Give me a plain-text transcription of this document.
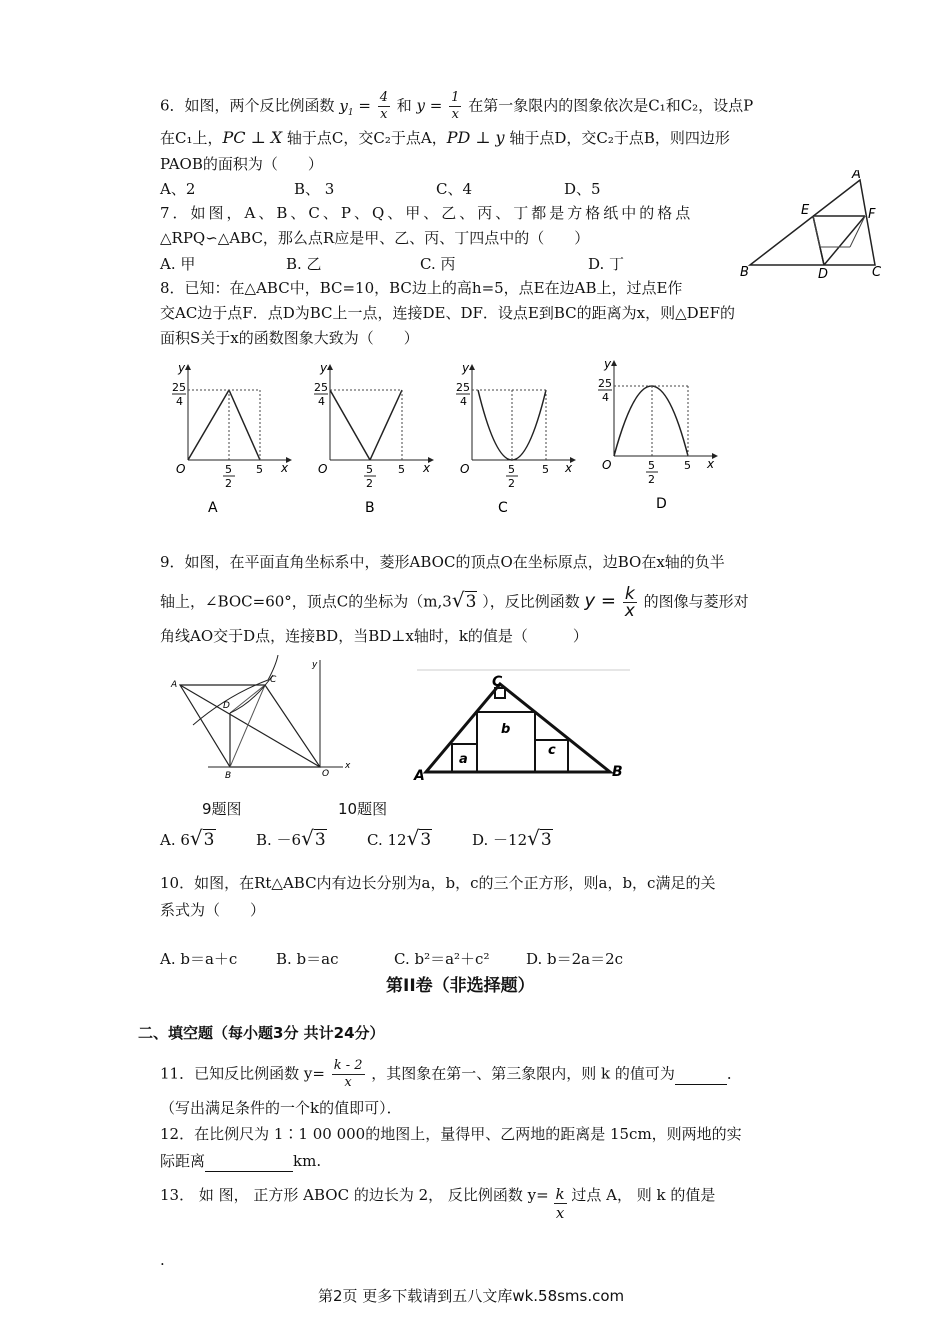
6．如图，两个反比例函数 $y_1 = \frac{4}{x}$ 和 $y = \frac{1}{x}$ 在第一象限内的图象依次是C₁和C₂，设点P
在C₁上，PC ⊥ X 轴于点C，交C₂于点A，PD ⊥ y 轴于点D，交C₂于点B，则四边形
PAOB的面积为（　　）
A、2	B、 3	C、4	D、5
7．如图，A、B、C、P、Q、甲、乙、丙、丁都是方格纸中的格点
△RPQ∽△ABC，那么点R应是甲、乙、丙、丁四点中的（　　）
A. 甲	B. 乙	C. 丙	D. 丁
A
E	F
B	D	C
8．已知：在△ABC中，BC=10，BC边上的高h=5，点E在边AB上，过点E作
交AC边于点F．点D为BC上一点，连接DE、DF．设点E到BC的距离为x，则△DEF的
面积S关于x的函数图象大致为（　　）
y
25
4
O	5
2
5 x
A
y
25
4
O	5
2
5 x
B
y
25
4
O	5
2
5 x
C
y
25
4
O	5
2
5 x
D
9．如图，在平面直角坐标系中，菱形ABOC的顶点O在坐标原点，边BO在x轴的负半
轴上，∠BOC=60°，顶点C的坐标为（m,3√3 ），反比例函数 $y = \frac{k}{x}$ 的图像与菱形对
角线AO交于D点，连接BD，当BD⊥x轴时，k的值是（　　　）
A	C
D
B	O
x
y
A	B
C
a
b
c
9题图	10题图
A. 6√3	B. －6√3	C. 12√3	D. －12√3
10．如图，在Rt△ABC内有边长分别为a，b，c的三个正方形，则a，b，c满足的关
系式为（　　）
A. b＝a＋c	B. b＝ac	C. b²＝a²＋c² D. b＝2a＝2c
第II卷（非选择题）
二、填空题（每小题3分 共计24分）
11．已知反比例函数 $y= \frac{k - 2}{x}$ ，其图象在第一、第三象限内，则 k 的值可为	．
（写出满足条件的一个k的值即可）．
12．在比例尺为 1∶1 00 000的地图上，量得甲、乙两地的距离是 15cm，则两地的实
际距离	km.
13． 如 图， 正方形 ABOC 的边长为 2， 反比例函数 $y= \frac{k}{x}$ 过点 A， 则 k 的值是
.
第2页 更多下载请到五八文库wk.58sms.com
